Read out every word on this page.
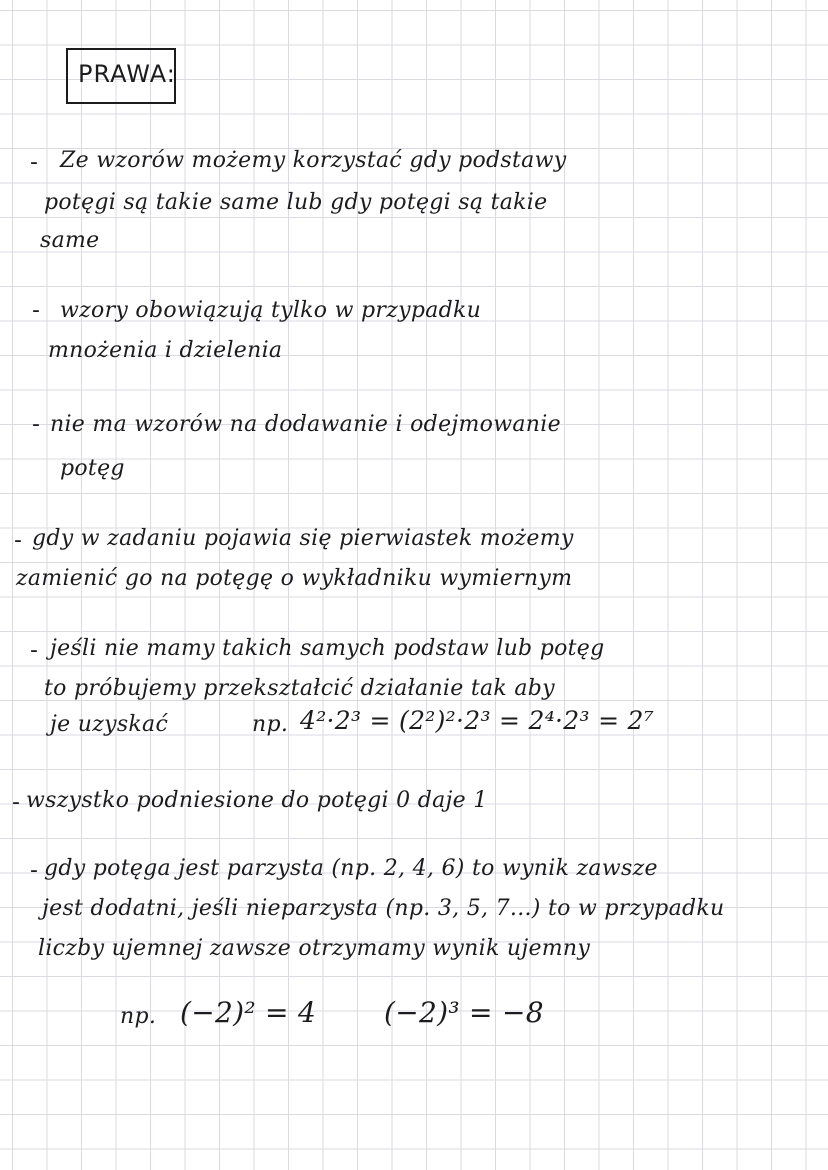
PRAWA:
- Ze wzorów możemy korzystać gdy podstawy
potęgi są takie same lub gdy potęgi są takie
same
- wzory obowiązują tylko w przypadku
mnożenia i dzielenia
- nie ma wzorów na dodawanie i odejmowanie
potęg
- gdy w zadaniu pojawia się pierwiastek możemy
zamienić go na potęgę o wykładniku wymiernym
- jeśli nie mamy takich samych podstaw lub potęg
to próbujemy przekształcić działanie tak aby
je uzyskać	np. 4²·2³ = (2²)²·2³ = 2⁴·2³ = 2⁷
- wszystko podniesione do potęgi 0 daje 1
- gdy potęga jest parzysta (np. 2, 4, 6) to wynik zawsze
jest dodatni, jeśli nieparzysta (np. 3, 5, 7...) to w przypadku
liczby ujemnej zawsze otrzymamy wynik ujemny
np. (−2)² = 4 (−2)³ = −8
